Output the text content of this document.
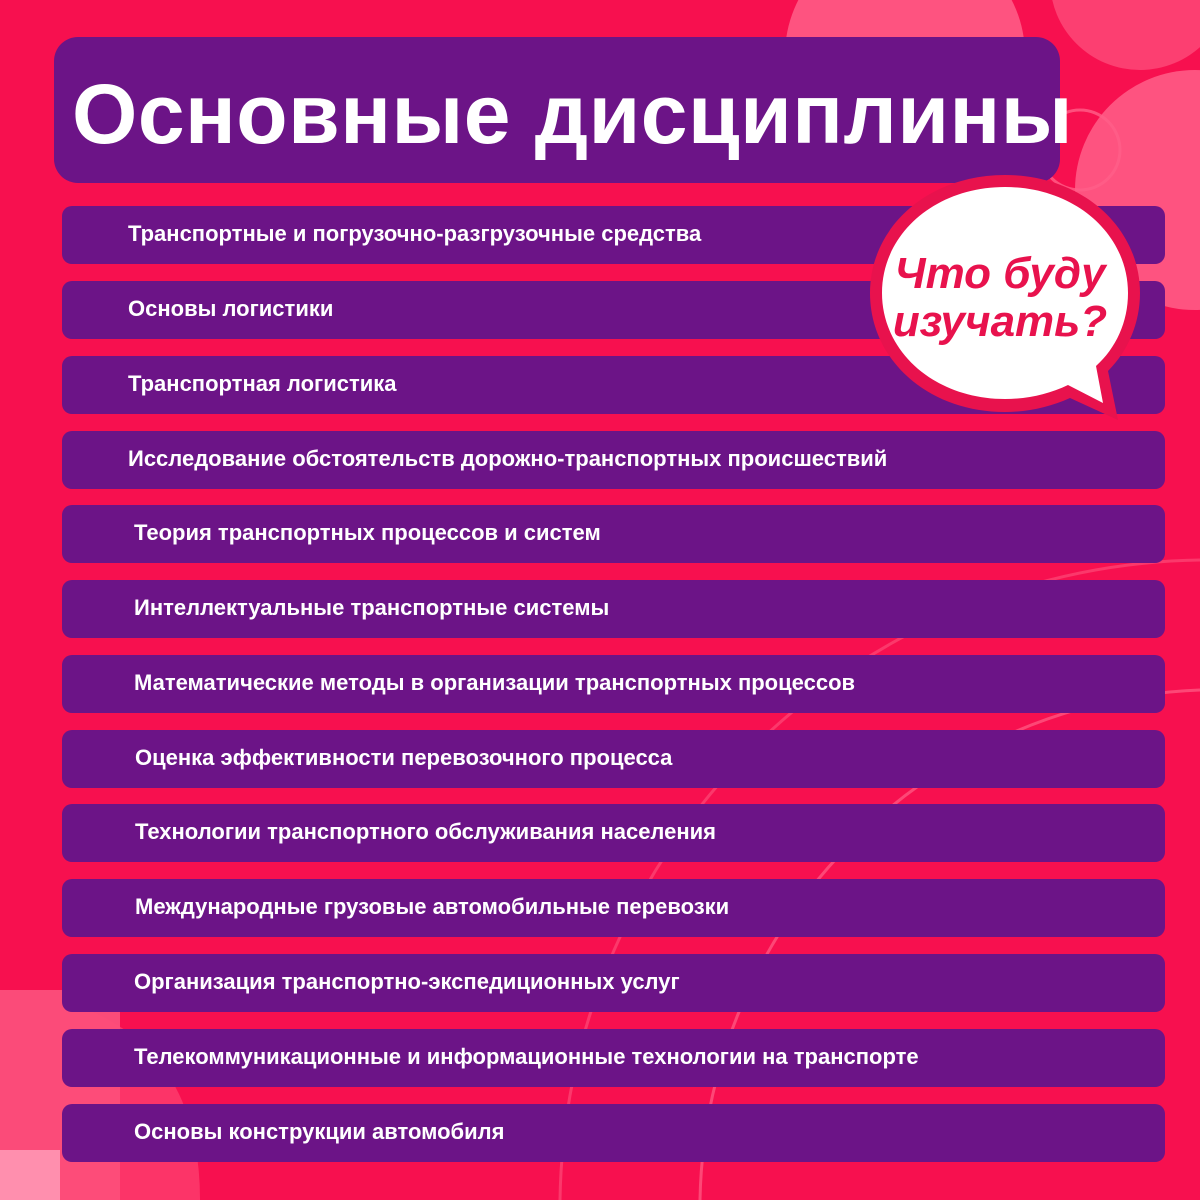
Основные дисциплины
Транспортные и погрузочно-разгрузочные средства
Основы логистики
Транспортная логистика
Исследование обстоятельств дорожно-транспортных происшествий
Теория транспортных процессов и систем
Интеллектуальные транспортные системы
Математические методы в организации транспортных процессов
Оценка эффективности перевозочного процесса
Технологии транспортного обслуживания населения
Международные грузовые автомобильные перевозки
Организация транспортно-экспедиционных услуг
Телекоммуникационные и информационные технологии на транспорте
Основы конструкции автомобиля
Что буду
изучать?
